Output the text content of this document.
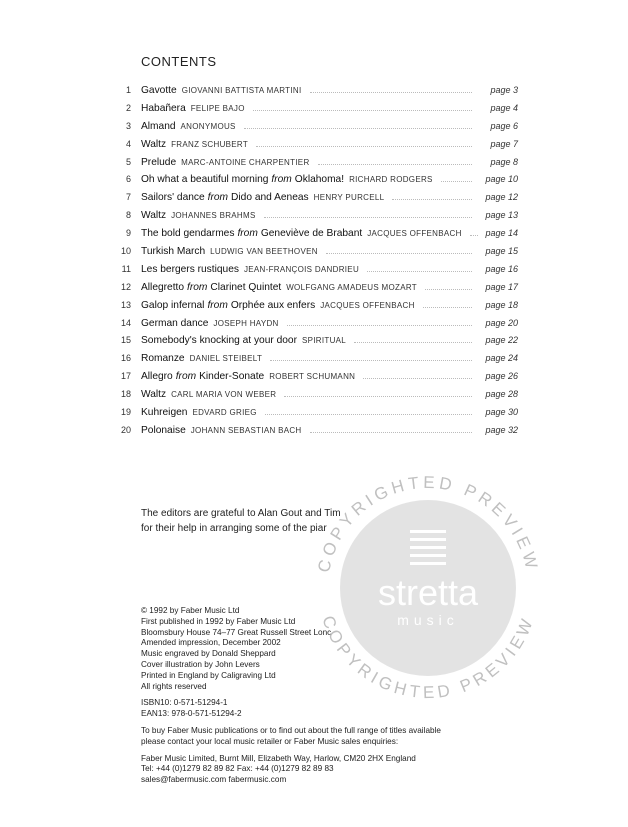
CONTENTS
1 Gavotte GIOVANNI BATTISTA MARTINI	page 3
2 Habañera FELIPE BAJO	page 4
3 Almand ANONYMOUS	page 6
4 Waltz FRANZ SCHUBERT	page 7
5 Prelude MARC-ANTOINE CHARPENTIER	page 8
6 Oh what a beautiful morning from Oklahoma! RICHARD RODGERS	page 10
7 Sailors' dance from Dido and Aeneas HENRY PURCELL	page 12
8 Waltz JOHANNES BRAHMS	page 13
9 The bold gendarmes from Geneviève de Brabant JACQUES OFFENBACH	page 14
10 Turkish March LUDWIG VAN BEETHOVEN	page 15
11 Les bergers rustiques JEAN-FRANÇOIS DANDRIEU	page 16
12 Allegretto from Clarinet Quintet WOLFGANG AMADEUS MOZART	page 17
13 Galop infernal from Orphée aux enfers JACQUES OFFENBACH	page 18
14 German dance JOSEPH HAYDN	page 20
15 Somebody's knocking at your door SPIRITUAL	page 22
16 Romanze DANIEL STEIBELT	page 24
17 Allegro from Kinder-Sonate ROBERT SCHUMANN	page 26
18 Waltz CARL MARIA VON WEBER	page 28
19 Kuhreigen EDVARD GRIEG	page 30
20 Polonaise JOHANN SEBASTIAN BACH	page 32
The editors are grateful to Alan Gout and Tim
for their help in arranging some of the piar
© 1992 by Faber Music Ltd
First published in 1992 by Faber Music Ltd
Bloomsbury House 74–77 Great Russell Street Lonc
Amended impression, December 2002
Music engraved by Donald Sheppard
Cover illustration by John Levers
Printed in England by Caligraving Ltd
All rights reserved
ISBN10: 0-571-51294-1
EAN13: 978-0-571-51294-2
To buy Faber Music publications or to find out about the full range of titles available
please contact your local music retailer or Faber Music sales enquiries:
Faber Music Limited, Burnt Mill, Elizabeth Way, Harlow, CM20 2HX England
Tel: +44 (0)1279 82 89 82 Fax: +44 (0)1279 82 89 83
sales@fabermusic.com fabermusic.com
stretta
music
COPYRIGHTED PREVIEW
COPYRIGHTED PREVIEW
